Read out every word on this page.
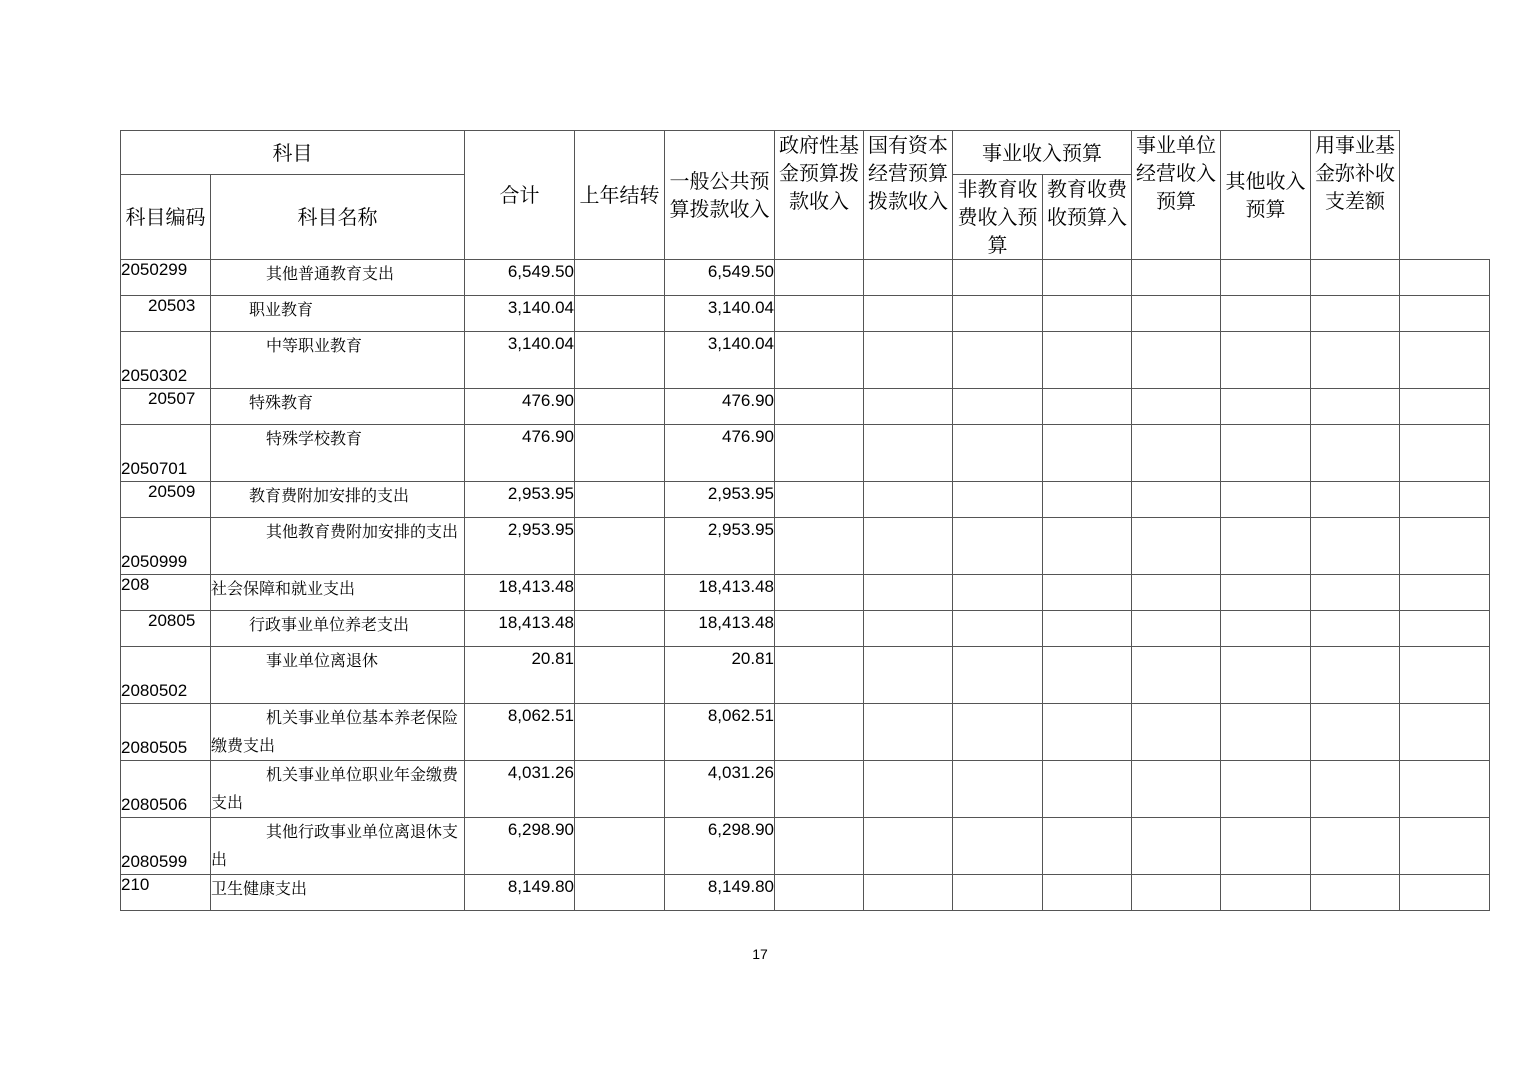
科目		合计	上年结转	一般公共预算拨款收入	政府性基金预算拨款收入	国有资本经营预算拨款收入	事业收入预算		事业单位经营收入预算	其他收入预算	用事业基金弥补收支差额	
科目编码	科目名称						非教育收费收入预算	教育收费收预算入				
2050299	其他普通教育支出	6,549.50		6,549.50								
20503	职业教育	3,140.04		3,140.04								
2050302	中等职业教育	3,140.04		3,140.04								
20507	特殊教育	476.90		476.90								
2050701	特殊学校教育	476.90		476.90								
20509	教育费附加安排的支出	2,953.95		2,953.95								
2050999	其他教育费附加安排的支出	2,953.95		2,953.95								
208	社会保障和就业支出	18,413.48		18,413.48								
20805	行政事业单位养老支出	18,413.48		18,413.48								
2080502	事业单位离退休	20.81		20.81								
2080505	机关事业单位基本养老保险缴费支出	8,062.51		8,062.51								
2080506	机关事业单位职业年金缴费支出	4,031.26		4,031.26								
2080599	其他行政事业单位离退休支出	6,298.90		6,298.90								
210	卫生健康支出	8,149.80		8,149.80								
17
